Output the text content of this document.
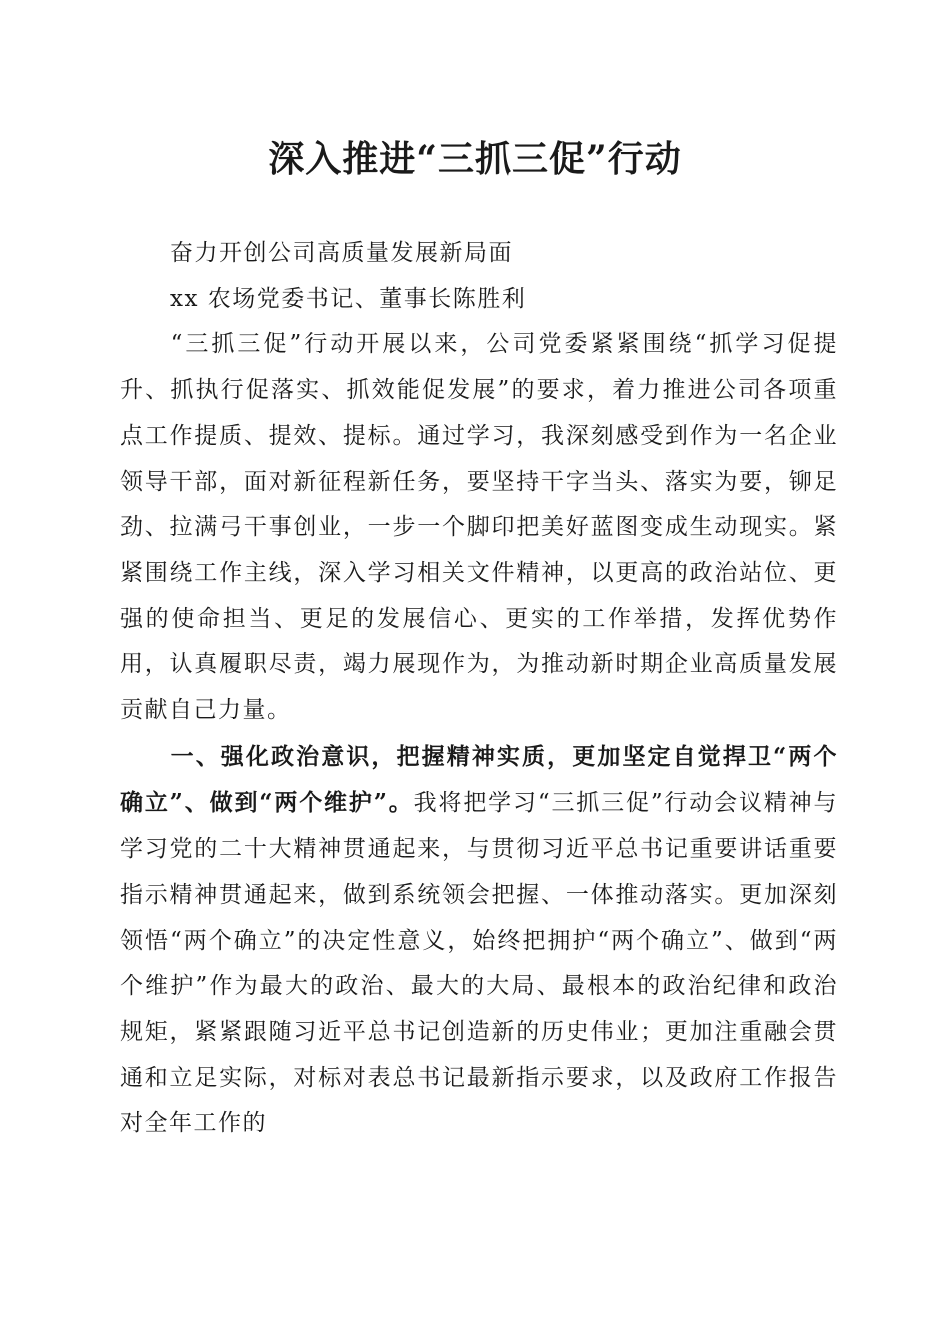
深入推进“三抓三促”行动

奋力开创公司高质量发展新局面

xx 农场党委书记、董事长陈胜利

“三抓三促”行动开展以来，公司党委紧紧围绕“抓学习促提升、抓执行促落实、抓效能促发展”的要求，着力推进公司各项重点工作提质、提效、提标。通过学习，我深刻感受到作为一名企业领导干部，面对新征程新任务，要坚持干字当头、落实为要，铆足劲、拉满弓干事创业，一步一个脚印把美好蓝图变成生动现实。紧紧围绕工作主线，深入学习相关文件精神，以更高的政治站位、更强的使命担当、更足的发展信心、更实的工作举措，发挥优势作用，认真履职尽责，竭力展现作为，为推动新时期企业高质量发展贡献自己力量。

一、强化政治意识，把握精神实质，更加坚定自觉捍卫“两个确立”、做到“两个维护”。我将把学习“三抓三促”行动会议精神与学习党的二十大精神贯通起来，与贯彻习近平总书记重要讲话重要指示精神贯通起来，做到系统领会把握、一体推动落实。更加深刻领悟“两个确立”的决定性意义，始终把拥护“两个确立”、做到“两个维护”作为最大的政治、最大的大局、最根本的政治纪律和政治规矩，紧紧跟随习近平总书记创造新的历史伟业；更加注重融会贯通和立足实际，对标对表总书记最新指示要求，以及政府工作报告对全年工作的
